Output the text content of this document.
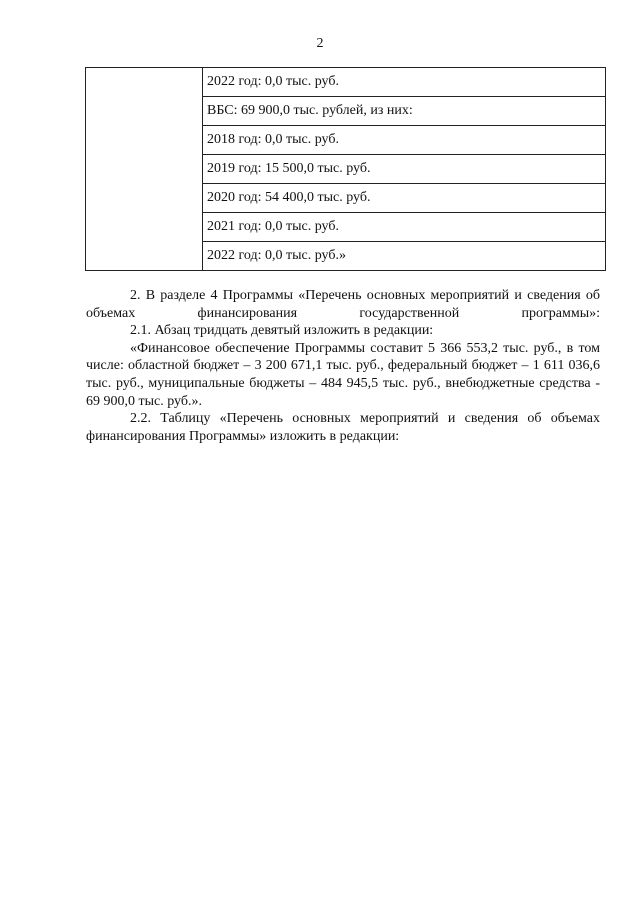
2
	2022 год: 0,0 тыс. руб.
ВБС: 69 900,0 тыс. рублей, из них:
2018 год: 0,0 тыс. руб.
2019 год: 15 500,0 тыс. руб.
2020 год: 54 400,0 тыс. руб.
2021 год: 0,0 тыс. руб.
2022 год: 0,0 тыс. руб.»

2. В разделе 4 Программы «Перечень основных мероприятий и сведения об объемах финансирования государственной программы»:

2.1. Абзац тридцать девятый изложить в редакции:

«Финансовое обеспечение Программы составит 5 366 553,2 тыс. руб., в том числе: областной бюджет – 3 200 671,1 тыс. руб., федеральный бюджет – 1 611 036,6 тыс. руб., муниципальные бюджеты – 484 945,5 тыс. руб., внебюджетные средства - 69 900,0 тыс. руб.».

2.2. Таблицу «Перечень основных мероприятий и сведения об объемах финансирования Программы» изложить в редакции:
